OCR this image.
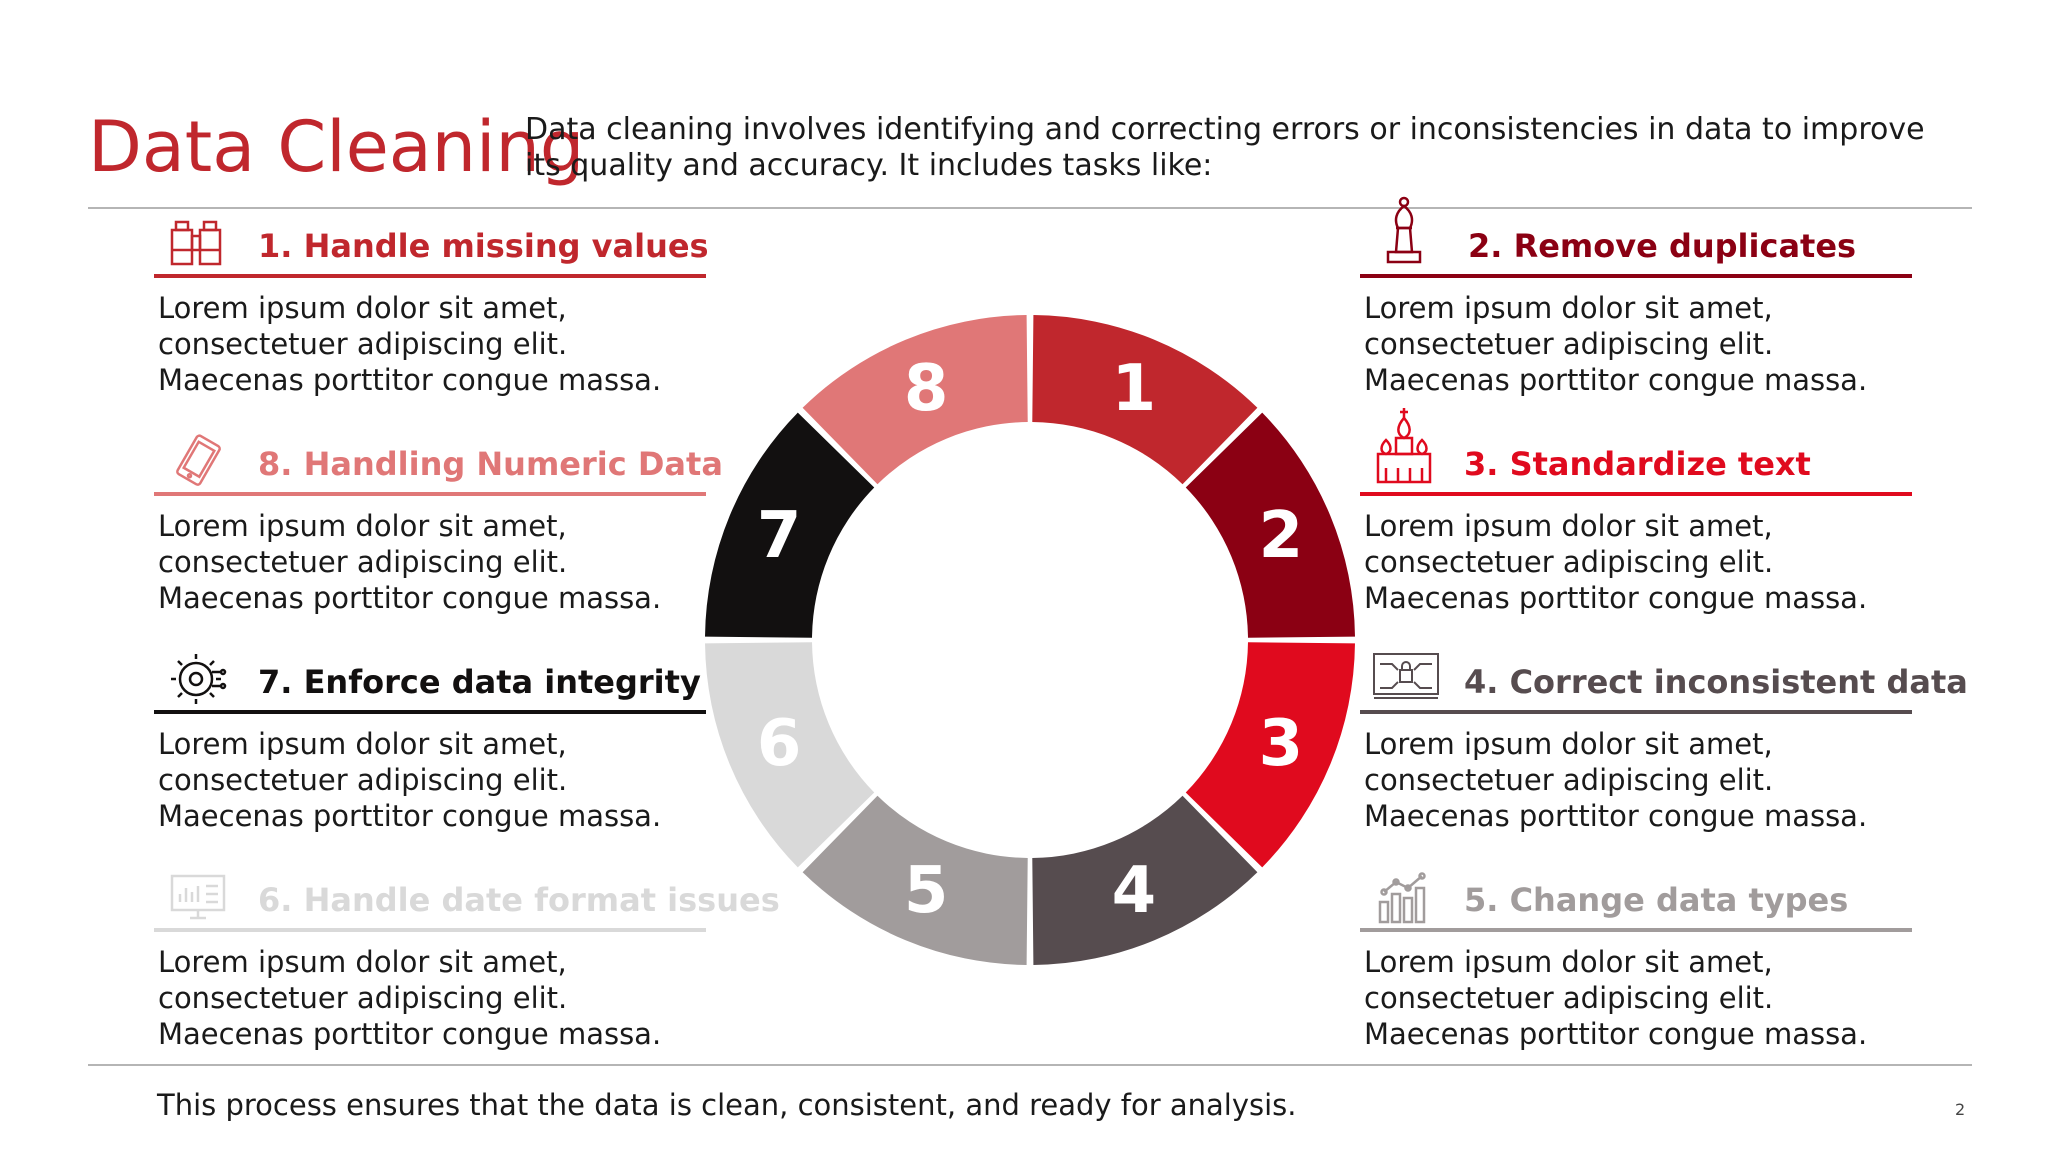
Data Cleaning

Data cleaning involves identifying and correcting errors or inconsistencies in data to improve its quality and accuracy. It includes tasks like:

1. Handle missing values

Lorem ipsum dolor sit amet, consectetuer adipiscing elit. Maecenas porttitor congue massa.

8. Handling Numeric Data

Lorem ipsum dolor sit amet, consectetuer adipiscing elit. Maecenas porttitor congue massa.

7. Enforce data integrity

Lorem ipsum dolor sit amet, consectetuer adipiscing elit. Maecenas porttitor congue massa.

6. Handle date format issues

Lorem ipsum dolor sit amet, consectetuer adipiscing elit. Maecenas porttitor congue massa.

2. Remove duplicates

Lorem ipsum dolor sit amet, consectetuer adipiscing elit. Maecenas porttitor congue massa.

3. Standardize text

Lorem ipsum dolor sit amet, consectetuer adipiscing elit. Maecenas porttitor congue massa.

4. Correct inconsistent data

Lorem ipsum dolor sit amet, consectetuer adipiscing elit. Maecenas porttitor congue massa.

5. Change data types

Lorem ipsum dolor sit amet, consectetuer adipiscing elit. Maecenas porttitor congue massa.

1
2
3
4
5
6
7
8

This process ensures that the data is clean, consistent, and ready for analysis.	2
